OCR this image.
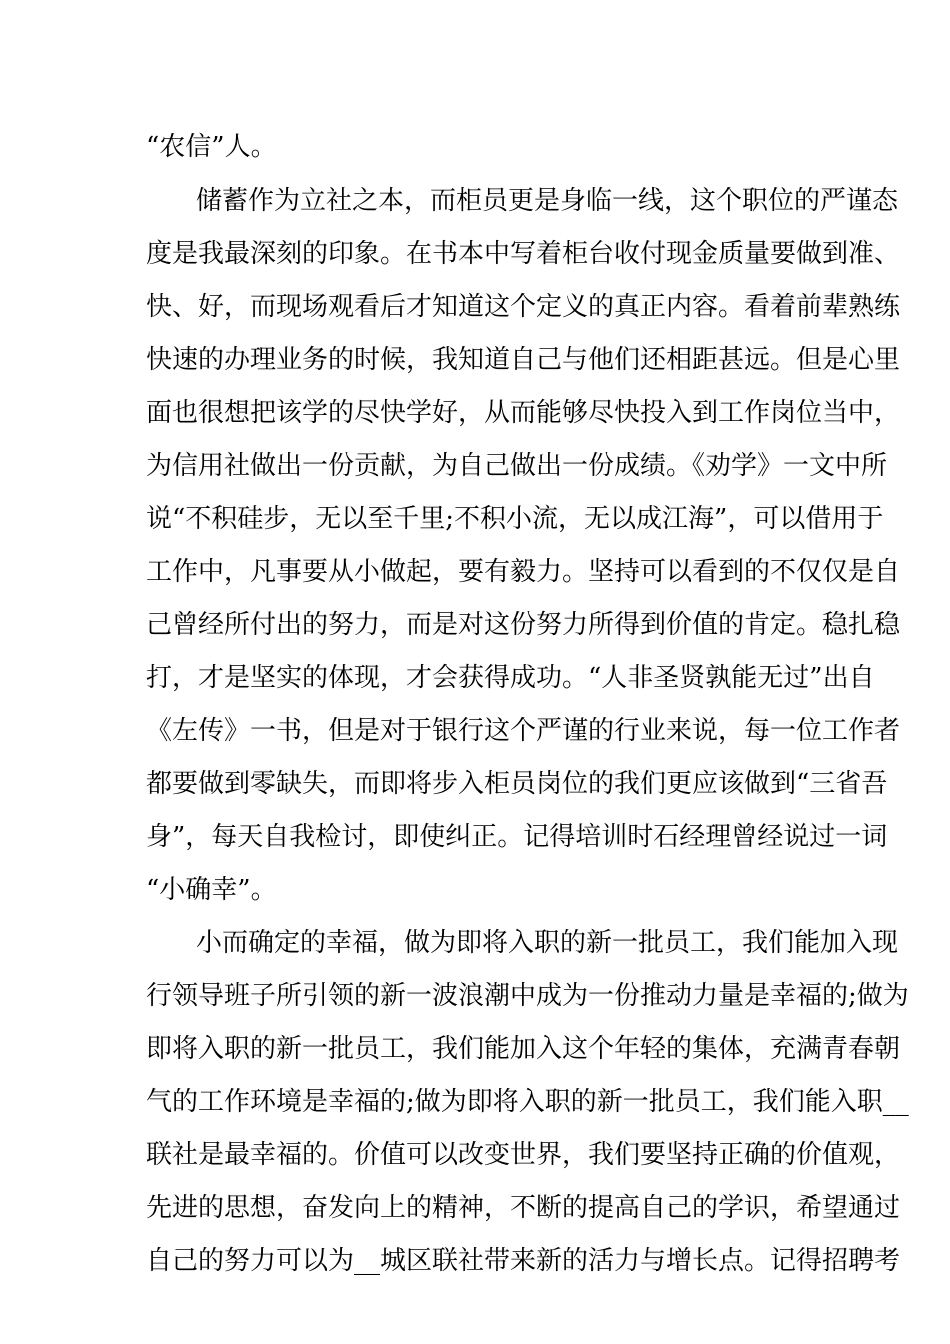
“农信”人。
储蓄作为立社之本，而柜员更是身临一线，这个职位的严谨态
度是我最深刻的印象。在书本中写着柜台收付现金质量要做到准、
快、好，而现场观看后才知道这个定义的真正内容。看着前辈熟练
快速的办理业务的时候，我知道自己与他们还相距甚远。但是心里
面也很想把该学的尽快学好，从而能够尽快投入到工作岗位当中，
为信用社做出一份贡献，为自己做出一份成绩。《劝学》一文中所
说“不积硅步，无以至千里;不积小流，无以成江海”，可以借用于
工作中，凡事要从小做起，要有毅力。坚持可以看到的不仅仅是自
己曾经所付出的努力，而是对这份努力所得到价值的肯定。稳扎稳
打，才是坚实的体现，才会获得成功。“人非圣贤孰能无过”出自
《左传》一书，但是对于银行这个严谨的行业来说，每一位工作者
都要做到零缺失，而即将步入柜员岗位的我们更应该做到“三省吾
身”，每天自我检讨，即使纠正。记得培训时石经理曾经说过一词
“小确幸”。
小而确定的幸福，做为即将入职的新一批员工，我们能加入现
行领导班子所引领的新一波浪潮中成为一份推动力量是幸福的;做为
即将入职的新一批员工，我们能加入这个年轻的集体，充满青春朝
气的工作环境是幸福的;做为即将入职的新一批员工，我们能入职__
联社是最幸福的。价值可以改变世界，我们要坚持正确的价值观，
先进的思想，奋发向上的精神，不断的提高自己的学识，希望通过
自己的努力可以为__城区联社带来新的活力与增长点。记得招聘考
